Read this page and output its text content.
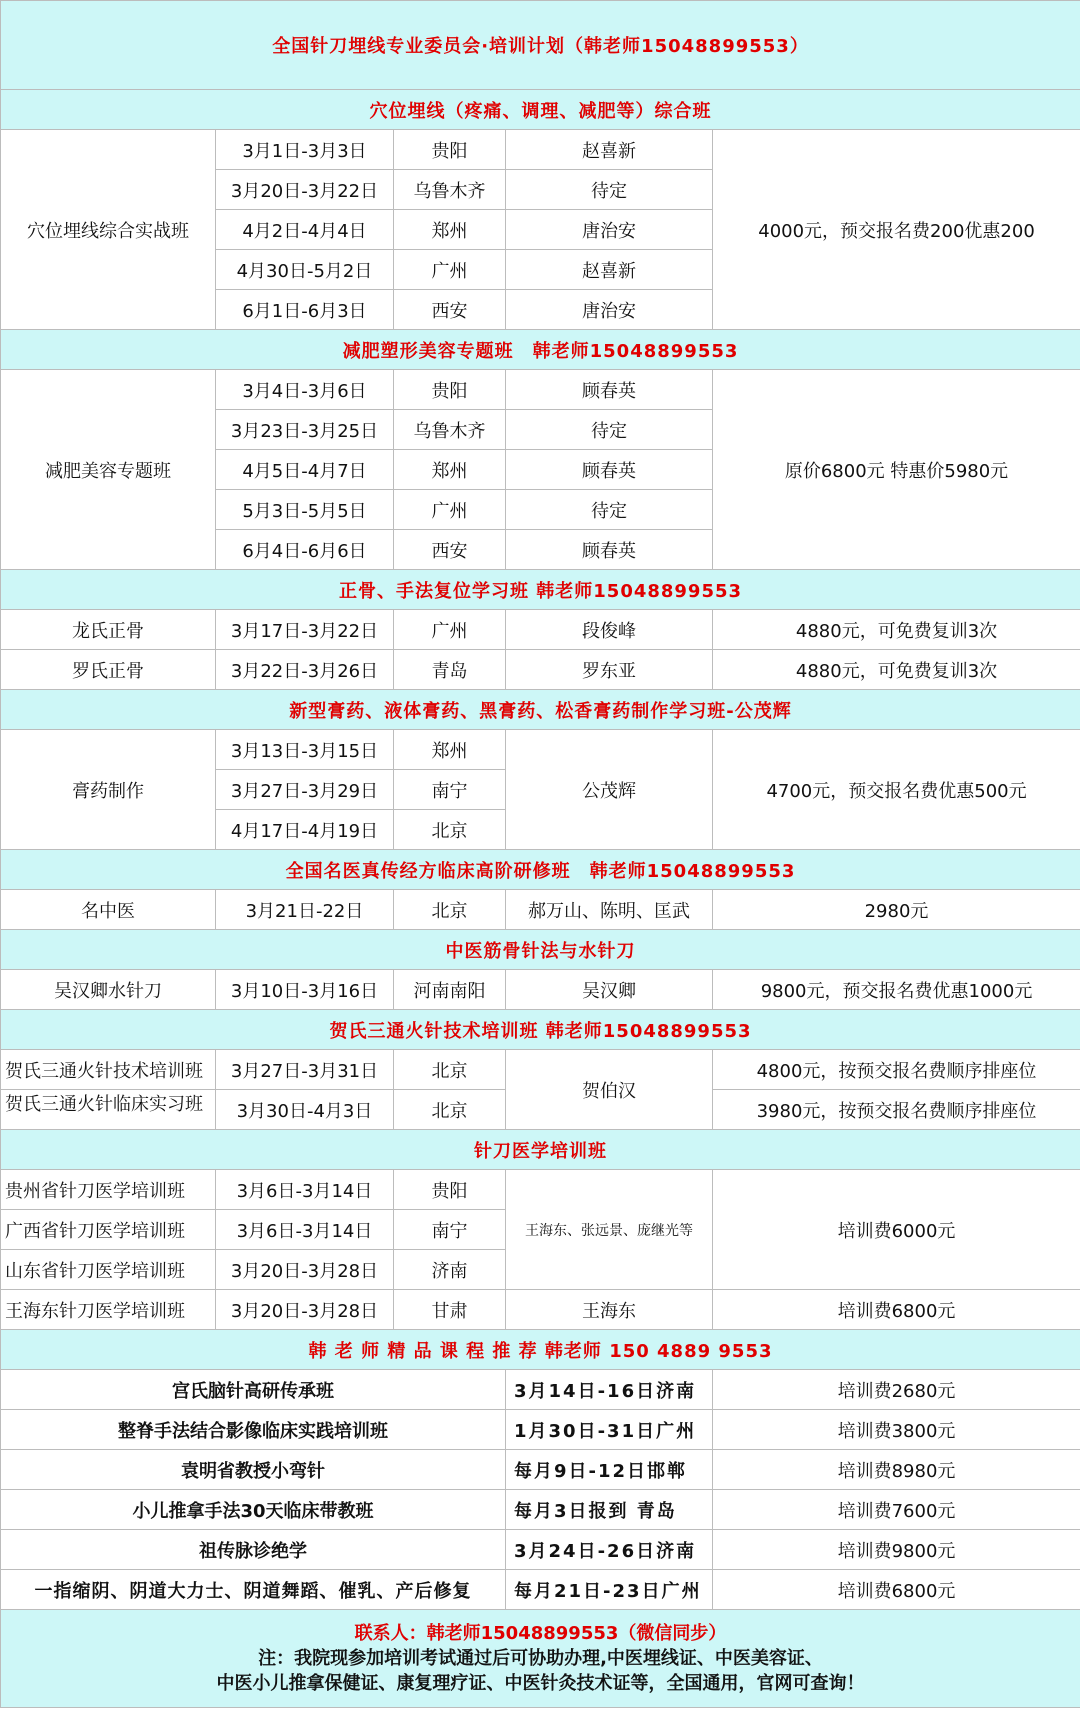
全国针刀埋线专业委员会·培训计划（韩老师15048899553）				
穴位埋线（疼痛、调理、减肥等）综合班				
穴位埋线综合实战班	3月1日-3月3日	贵阳	赵喜新	4000元，预交报名费200优惠200
	3月20日-3月22日	乌鲁木齐	待定	
	4月2日-4月4日	郑州	唐治安	
	4月30日-5月2日	广州	赵喜新	
	6月1日-6月3日	西安	唐治安	
减肥塑形美容专题班　韩老师15048899553				
减肥美容专题班	3月4日-3月6日	贵阳	顾春英	原价6800元 特惠价5980元
	3月23日-3月25日	乌鲁木齐	待定	
	4月5日-4月7日	郑州	顾春英	
	5月3日-5月5日	广州	待定	
	6月4日-6月6日	西安	顾春英	
正骨、手法复位学习班 韩老师15048899553				
龙氏正骨	3月17日-3月22日	广州	段俊峰	4880元，可免费复训3次
罗氏正骨	3月22日-3月26日	青岛	罗东亚	4880元，可免费复训3次
新型膏药、液体膏药、黑膏药、松香膏药制作学习班-公茂辉				
膏药制作	3月13日-3月15日	郑州	公茂辉	4700元，预交报名费优惠500元
	3月27日-3月29日	南宁		
	4月17日-4月19日	北京		
全国名医真传经方临床高阶研修班　韩老师15048899553				
名中医	3月21日-22日	北京	郝万山、陈明、匡武	2980元
中医筋骨针法与水针刀				
吴汉卿水针刀	3月10日-3月16日	河南南阳	吴汉卿	9800元，预交报名费优惠1000元
贺氏三通火针技术培训班 韩老师15048899553				
贺氏三通火针技术培训班	3月27日-3月31日	北京	贺伯汉	4800元，按预交报名费顺序排座位

贺氏三通火针临床实习班	3月30日-4月3日	北京		3980元，按预交报名费顺序排座位
针刀医学培训班				
贵州省针刀医学培训班	3月6日-3月14日	贵阳	王海东、张远景、庞继光等	培训费6000元
广西省针刀医学培训班	3月6日-3月14日	南宁		
山东省针刀医学培训班	3月20日-3月28日	济南		
王海东针刀医学培训班	3月20日-3月28日	甘肃	王海东	培训费6800元
韩 老 师 精 品 课 程 推 荐 韩老师 150 4889 9553				
宫氏脑针高研传承班			3月14日-16日济南	培训费2680元
整脊手法结合影像临床实践培训班			1月30日-31日广州	培训费3800元
袁明省教授小弯针			每月9日-12日邯郸	培训费8980元
小儿推拿手法30天临床带教班			每月3日报到 青岛	培训费7600元
祖传脉诊绝学			3月24日-26日济南	培训费9800元
一指缩阴、阴道大力士、阴道舞蹈、催乳、产后修复			每月21日-23日广州	培训费6800元

联系人：韩老师15048899553（微信同步）
注：我院现参加培训考试通过后可协助办理,中医埋线证、中医美容证、
中医小儿推拿保健证、康复理疗证、中医针灸技术证等，全国通用，官网可查询！				
